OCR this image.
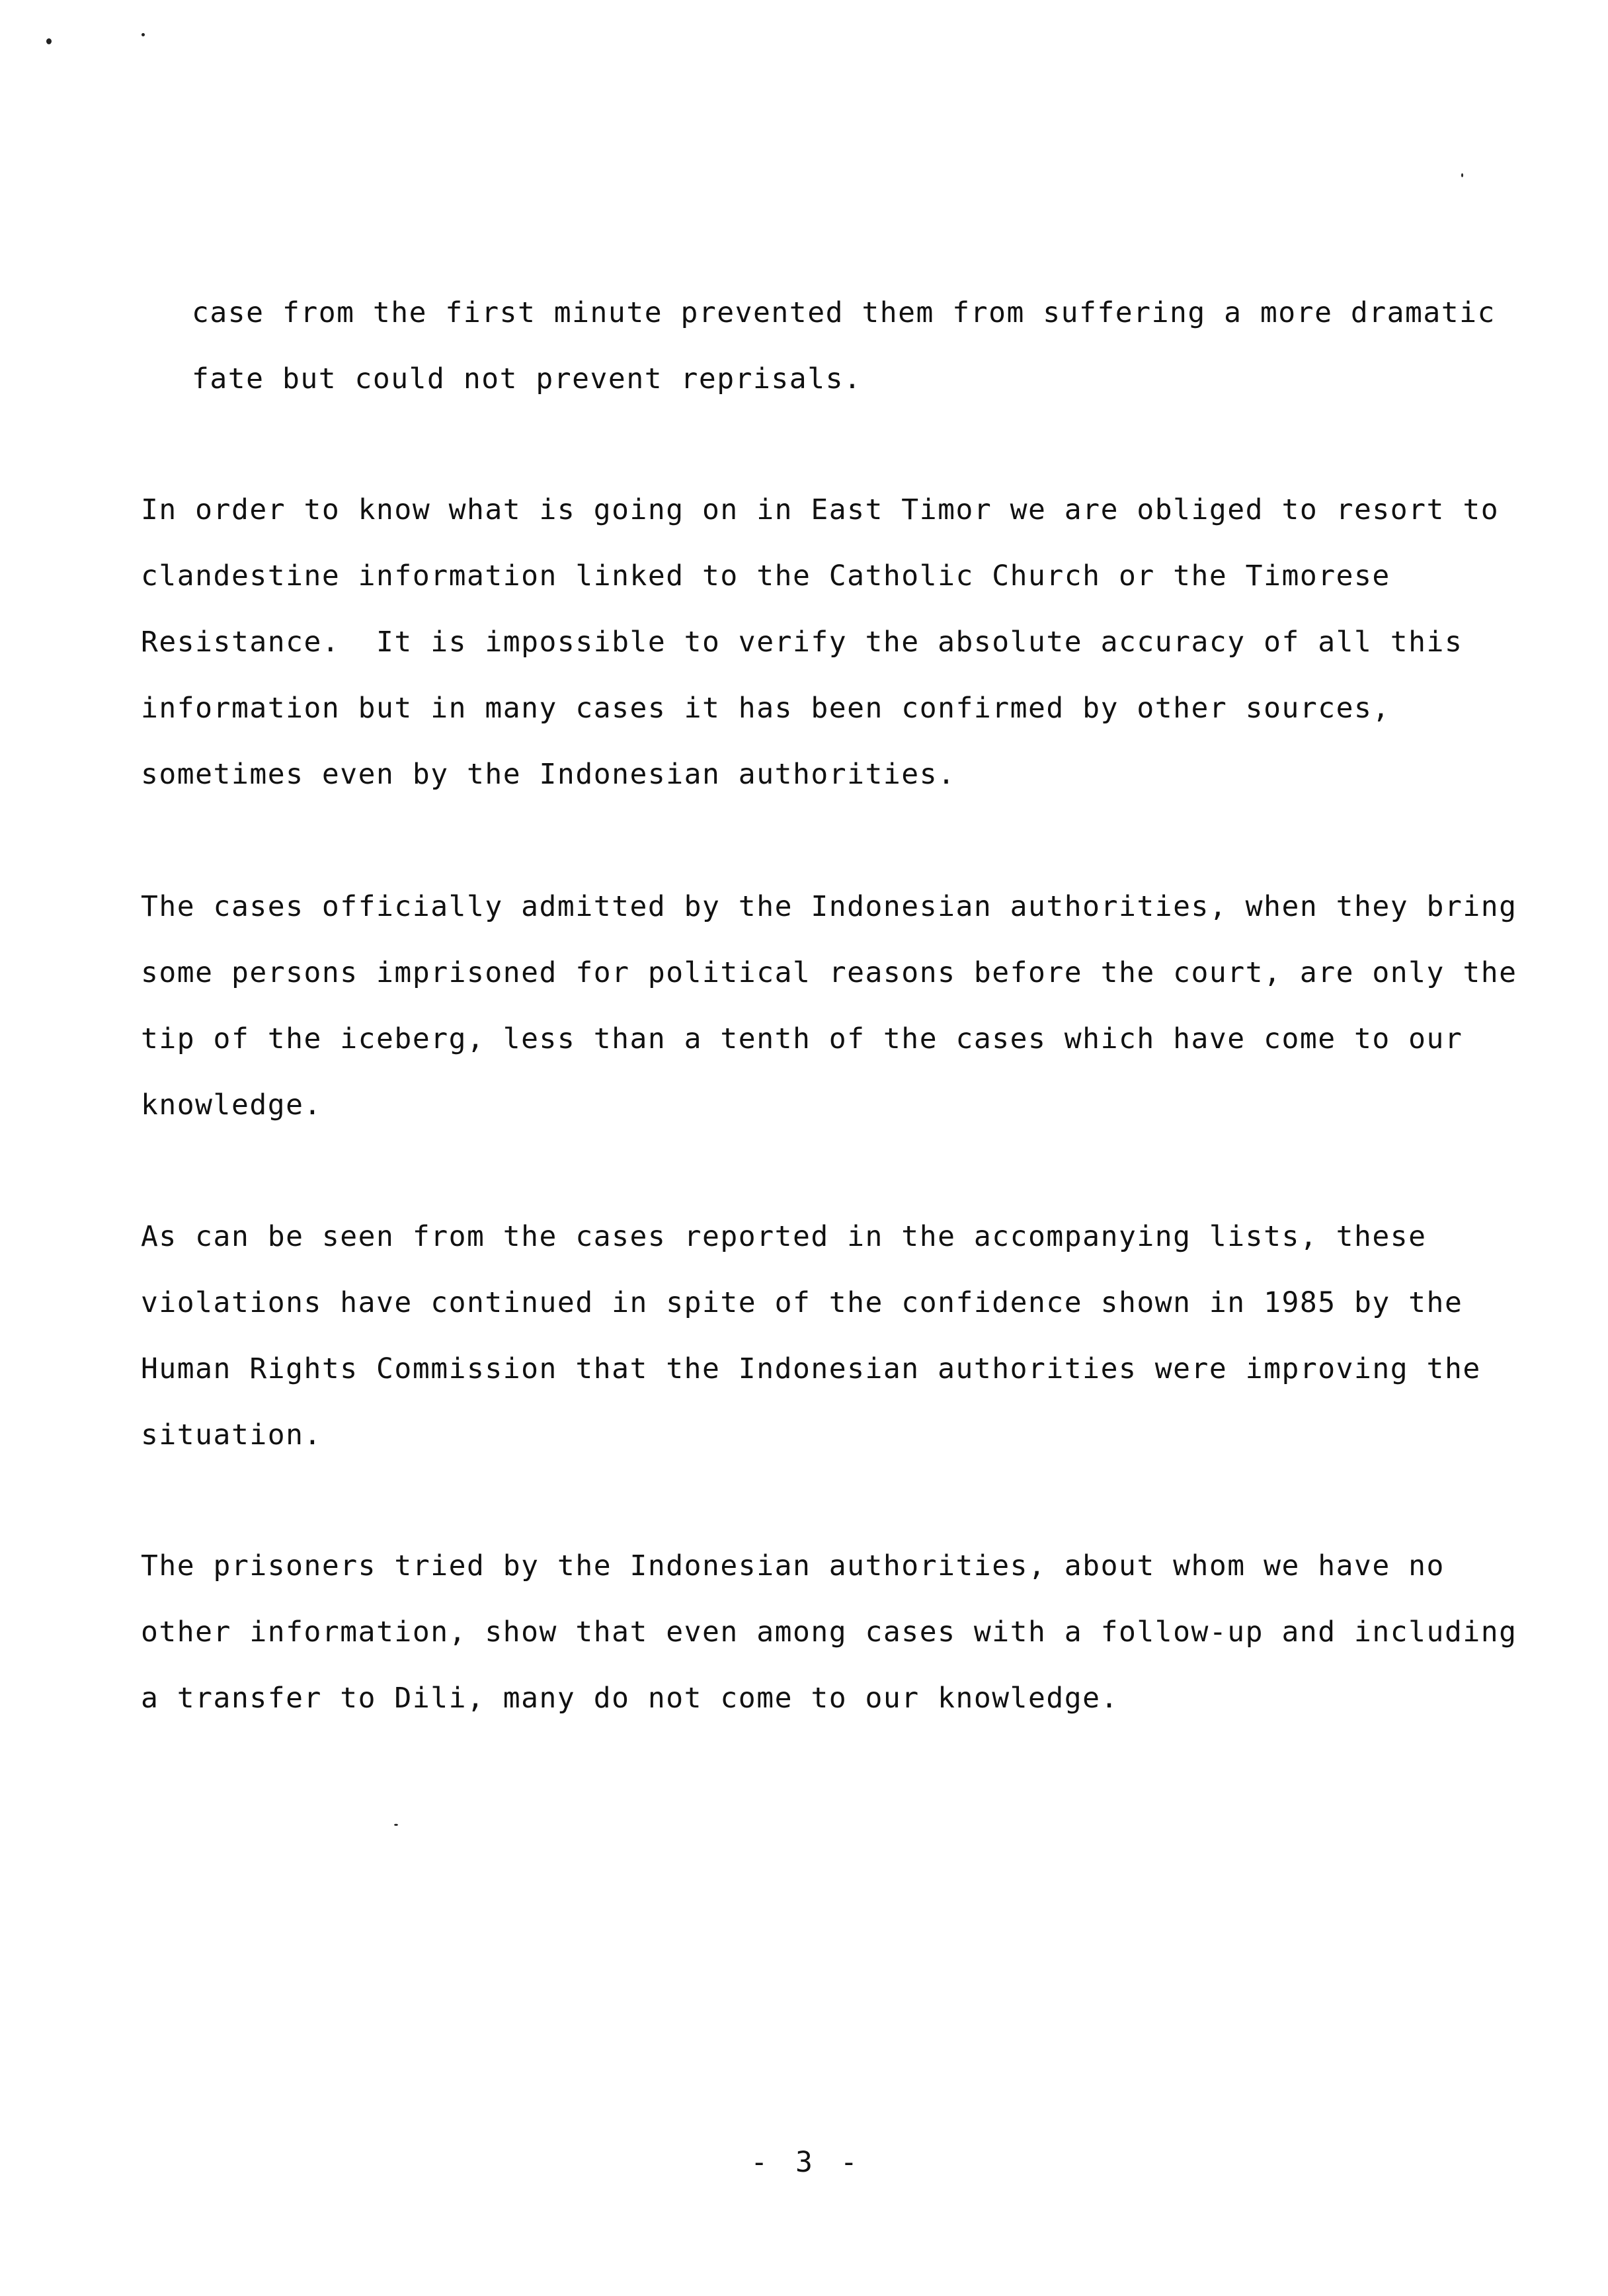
case from the first minute prevented them from suffering a more dramatic

fate but could not prevent reprisals.

In order to know what is going on in East Timor we are obliged to resort to

clandestine information linked to the Catholic Church or the Timorese

Resistance.  It is impossible to verify the absolute accuracy of all this

information but in many cases it has been confirmed by other sources,

sometimes even by the Indonesian authorities.

The cases officially admitted by the Indonesian authorities, when they bring

some persons imprisoned for political reasons before the court, are only the

tip of the iceberg, less than a tenth of the cases which have come to our

knowledge.

As can be seen from the cases reported in the accompanying lists, these

violations have continued in spite of the confidence shown in 1985 by the

Human Rights Commission that the Indonesian authorities were improving the

situation.

The prisoners tried by the Indonesian authorities, about whom we have no

other information, show that even among cases with a follow-up and including

a transfer to Dili, many do not come to our knowledge.

- 3 -
